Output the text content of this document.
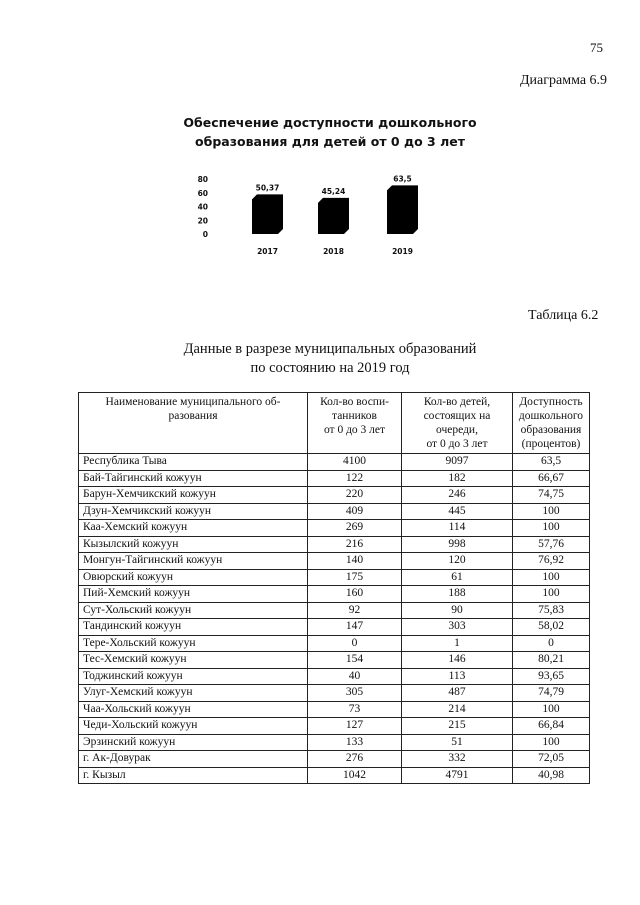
75
Диаграмма 6.9
Обеспечение доступности дошкольного
образования для детей от 0 до 3 лет
0
20
40
60
80
50,37
2017
45,24
2018
63,5
2019
Таблица 6.2
Данные в разрезе муниципальных образований
по состоянию на 2019 год
Наименование муниципального об-
разования	Кол-во воспи-
танников
от 0 до 3 лет	Кол-во детей,
состоящих на
очереди,
от 0 до 3 лет	Доступность
дошкольного
образования
(процентов)
Республика Тыва	4100	9097	63,5
Бай-Тайгинский кожуун	122	182	66,67
Барун-Хемчикский кожуун	220	246	74,75
Дзун-Хемчикский кожуун	409	445	100
Каа-Хемский кожуун	269	114	100
Кызылский кожуун	216	998	57,76
Монгун-Тайгинский кожуун	140	120	76,92
Овюрский кожуун	175	61	100
Пий-Хемский кожуун	160	188	100
Сут-Хольский кожуун	92	90	75,83
Тандинский кожуун	147	303	58,02
Тере-Хольский кожуун	0	1	0
Тес-Хемский кожуун	154	146	80,21
Тоджинский кожуун	40	113	93,65
Улуг-Хемский кожуун	305	487	74,79
Чаа-Хольский кожуун	73	214	100
Чеди-Хольский кожуун	127	215	66,84
Эрзинский кожуун	133	51	100
г. Ак-Довурак	276	332	72,05
г. Кызыл	1042	4791	40,98
